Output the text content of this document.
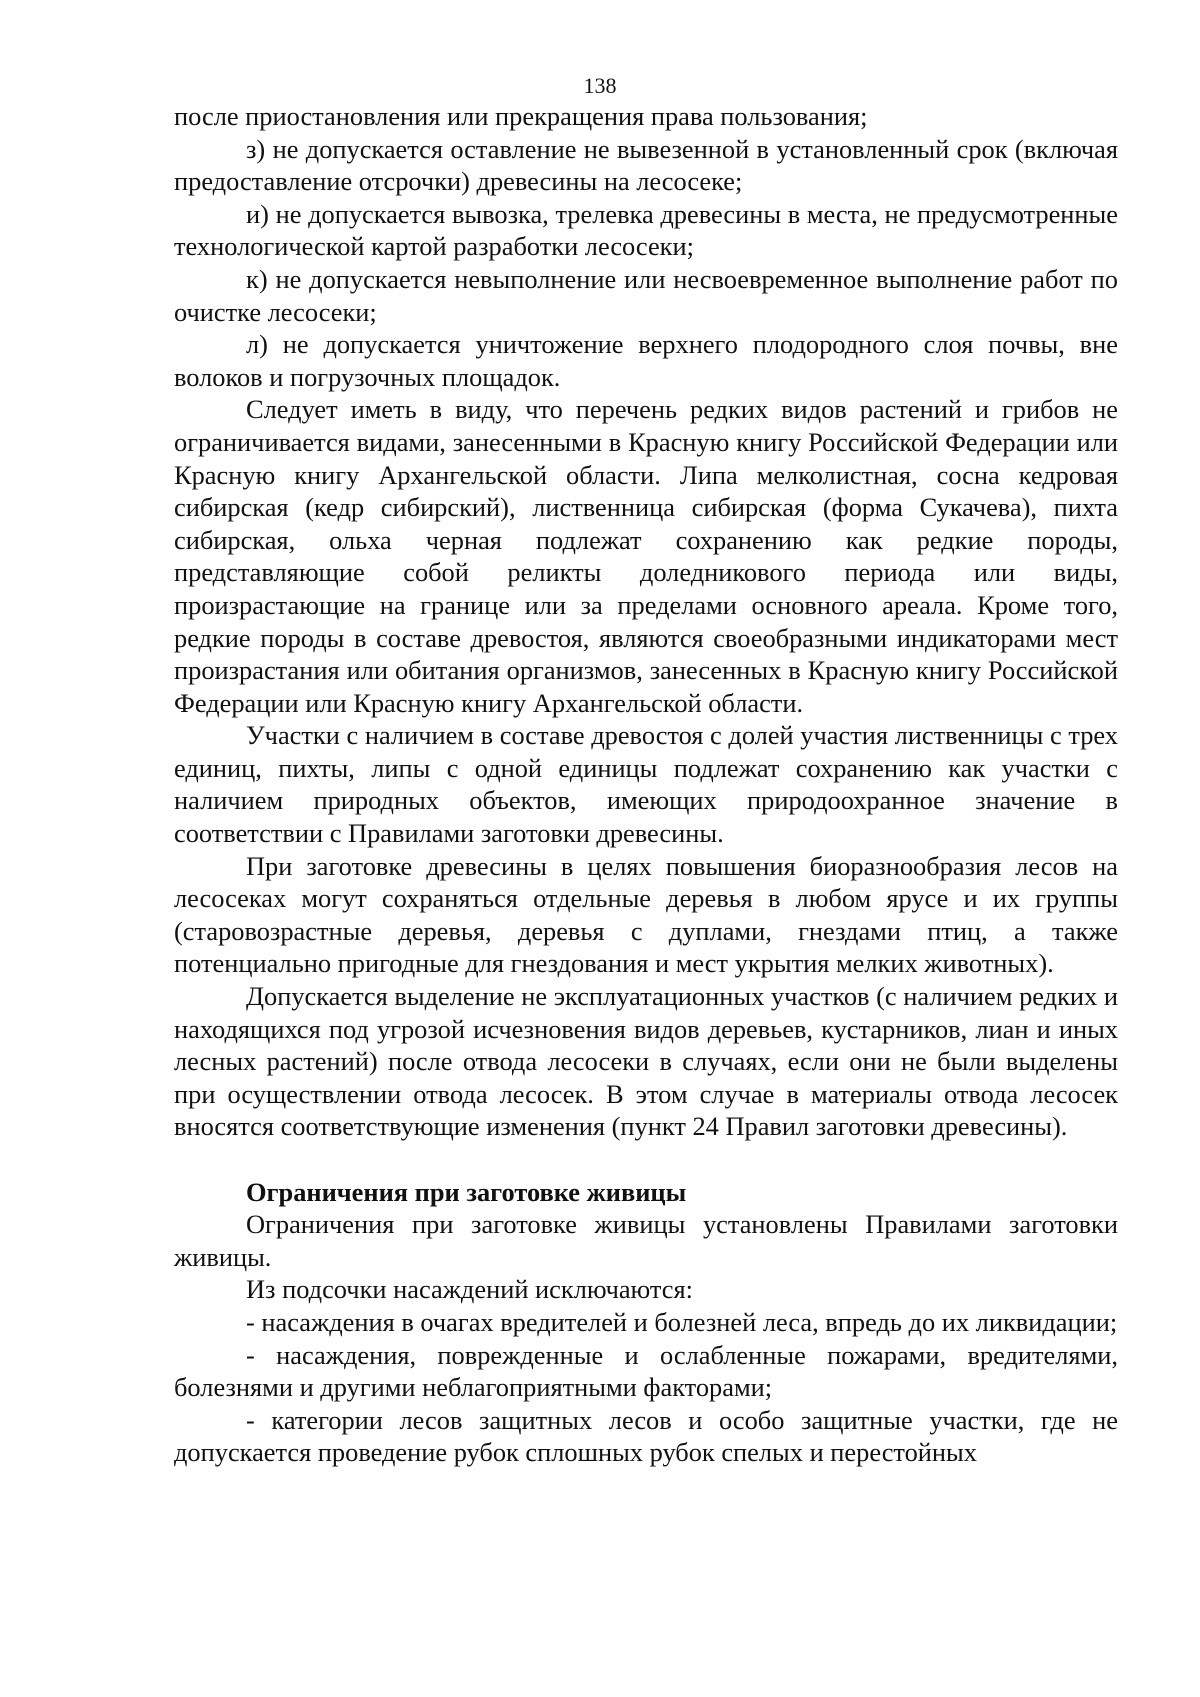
138

после приостановления или прекращения права пользования;

з) не допускается оставление не вывезенной в установленный срок (включая предоставление отсрочки) древесины на лесосеке;

и) не допускается вывозка, трелевка древесины в места, не предусмотренные технологической картой разработки лесосеки;

к) не допускается невыполнение или несвоевременное выполнение работ по очистке лесосеки;

л) не допускается уничтожение верхнего плодородного слоя почвы, вне волоков и погрузочных площадок.

Следует иметь в виду, что перечень редких видов растений и грибов не ограничивается видами, занесенными в Красную книгу Российской Федерации или Красную книгу Архангельской области. Липа мелколистная, сосна кедровая сибирская (кедр сибирский), лиственница сибирская (форма Сукачева), пихта сибирская, ольха черная подлежат сохранению как редкие породы, представляющие собой реликты доледникового периода или виды, произрастающие на границе или за пределами основного ареала. Кроме того, редкие породы в составе древостоя, являются своеобразными индикаторами мест произрастания или обитания организмов, занесенных в Красную книгу Российской Федерации или Красную книгу Архангельской области.

Участки с наличием в составе древостоя с долей участия лиственницы с трех единиц, пихты, липы с одной единицы подлежат сохранению как участки с наличием природных объектов, имеющих природоохранное значение в соответствии с Правилами заготовки древесины.

При заготовке древесины в целях повышения биоразнообразия лесов на лесосеках могут сохраняться отдельные деревья в любом ярусе и их группы (старовозрастные деревья, деревья с дуплами, гнездами птиц, а также потенциально пригодные для гнездования и мест укрытия мелких животных).

Допускается выделение не эксплуатационных участков (с наличием редких и находящихся под угрозой исчезновения видов деревьев, кустарников, лиан и иных лесных растений) после отвода лесосеки в случаях, если они не были выделены при осуществлении отвода лесосек. В этом случае в материалы отвода лесосек вносятся соответствующие изменения (пункт 24 Правил заготовки древесины).

Ограничения при заготовке живицы

Ограничения при заготовке живицы установлены Правилами заготовки живицы.

Из подсочки насаждений исключаются:

- насаждения в очагах вредителей и болезней леса, впредь до их ликвидации;

- насаждения, поврежденные и ослабленные пожарами, вредителями, болезнями и другими неблагоприятными факторами;

- категории лесов защитных лесов и особо защитные участки, где не допускается проведение рубок сплошных рубок спелых и перестойных
